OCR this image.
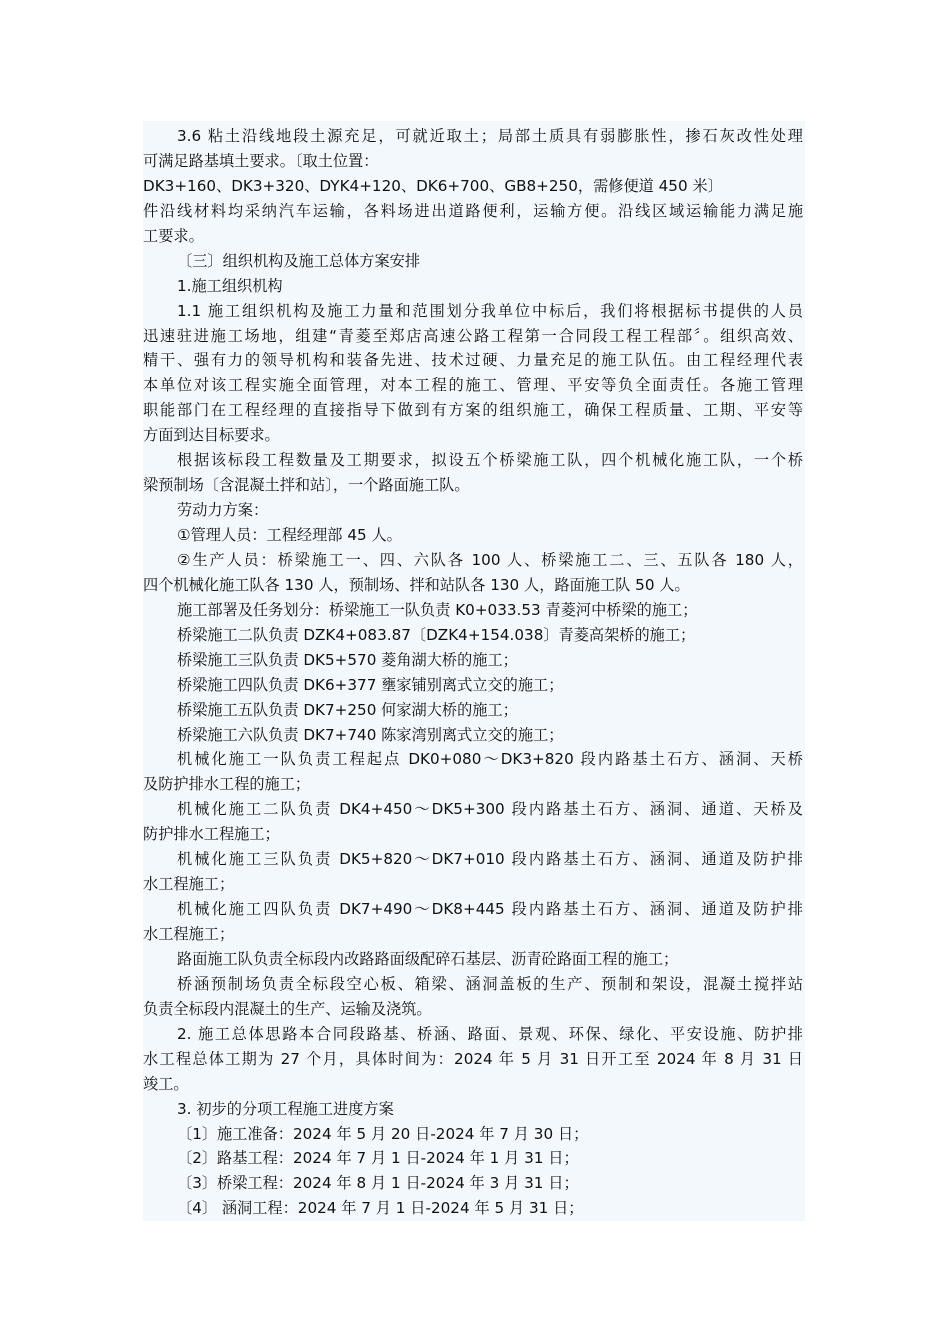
3.6 粘土沿线地段土源充足，可就近取土；局部土质具有弱膨胀性，掺石灰改性处理
可满足路基填土要求。〔取土位置：
DK3+160、DK3+320、DYK4+120、DK6+700、GB8+250，需修便道 450 米〕
件沿线材料均采纳汽车运输，各料场进出道路便利，运输方便。沿线区域运输能力满足施
工要求。
〔三〕组织机构及施工总体方案安排
1.施工组织机构
1.1 施工组织机构及施工力量和范围划分我单位中标后，我们将根据标书提供的人员
迅速驻进施工场地，组建“青菱至郑店高速公路工程第一合同段工程工程部〞。组织高效、
精干、强有力的领导机构和装备先进、技术过硬、力量充足的施工队伍。由工程经理代表
本单位对该工程实施全面管理，对本工程的施工、管理、平安等负全面责任。各施工管理
职能部门在工程经理的直接指导下做到有方案的组织施工，确保工程质量、工期、平安等
方面到达目标要求。
根据该标段工程数量及工期要求，拟设五个桥梁施工队，四个机械化施工队，一个桥
梁预制场〔含混凝土拌和站〕，一个路面施工队。
劳动力方案：
①管理人员：工程经理部 45 人。
②生产人员：桥梁施工一、四、六队各 100 人、桥梁施工二、三、五队各 180 人，
四个机械化施工队各 130 人，预制场、拌和站队各 130 人，路面施工队 50 人。
施工部署及任务划分：桥梁施工一队负责 K0+033.53 青菱河中桥梁的施工；
桥梁施工二队负责 DZK4+083.87〔DZK4+154.038〕青菱高架桥的施工；
桥梁施工三队负责 DK5+570 菱角湖大桥的施工；
桥梁施工四队负责 DK6+377 壅家铺别离式立交的施工；
桥梁施工五队负责 DK7+250 何家湖大桥的施工；
桥梁施工六队负责 DK7+740 陈家湾别离式立交的施工；
机械化施工一队负责工程起点 DK0+080～DK3+820 段内路基土石方、涵洞、天桥
及防护排水工程的施工；
机械化施工二队负责 DK4+450～DK5+300 段内路基土石方、涵洞、通道、天桥及
防护排水工程施工；
机械化施工三队负责 DK5+820～DK7+010 段内路基土石方、涵洞、通道及防护排
水工程施工；
机械化施工四队负责 DK7+490～DK8+445 段内路基土石方、涵洞、通道及防护排
水工程施工；
路面施工队负责全标段内改路路面级配碎石基层、沥青砼路面工程的施工；
桥涵预制场负责全标段空心板、箱梁、涵洞盖板的生产、预制和架设，混凝土搅拌站
负责全标段内混凝土的生产、运输及浇筑。
2. 施工总体思路本合同段路基、桥涵、路面、景观、环保、绿化、平安设施、防护排
水工程总体工期为 27 个月，具体时间为：2024 年 5 月 31 日开工至 2024 年 8 月 31 日
竣工。
3. 初步的分项工程施工进度方案
〔1〕施工准备：2024 年 5 月 20 日-2024 年 7 月 30 日；
〔2〕路基工程：2024 年 7 月 1 日-2024 年 1 月 31 日；
〔3〕桥梁工程：2024 年 8 月 1 日-2024 年 3 月 31 日；
〔4〕 涵洞工程：2024 年 7 月 1 日-2024 年 5 月 31 日；
